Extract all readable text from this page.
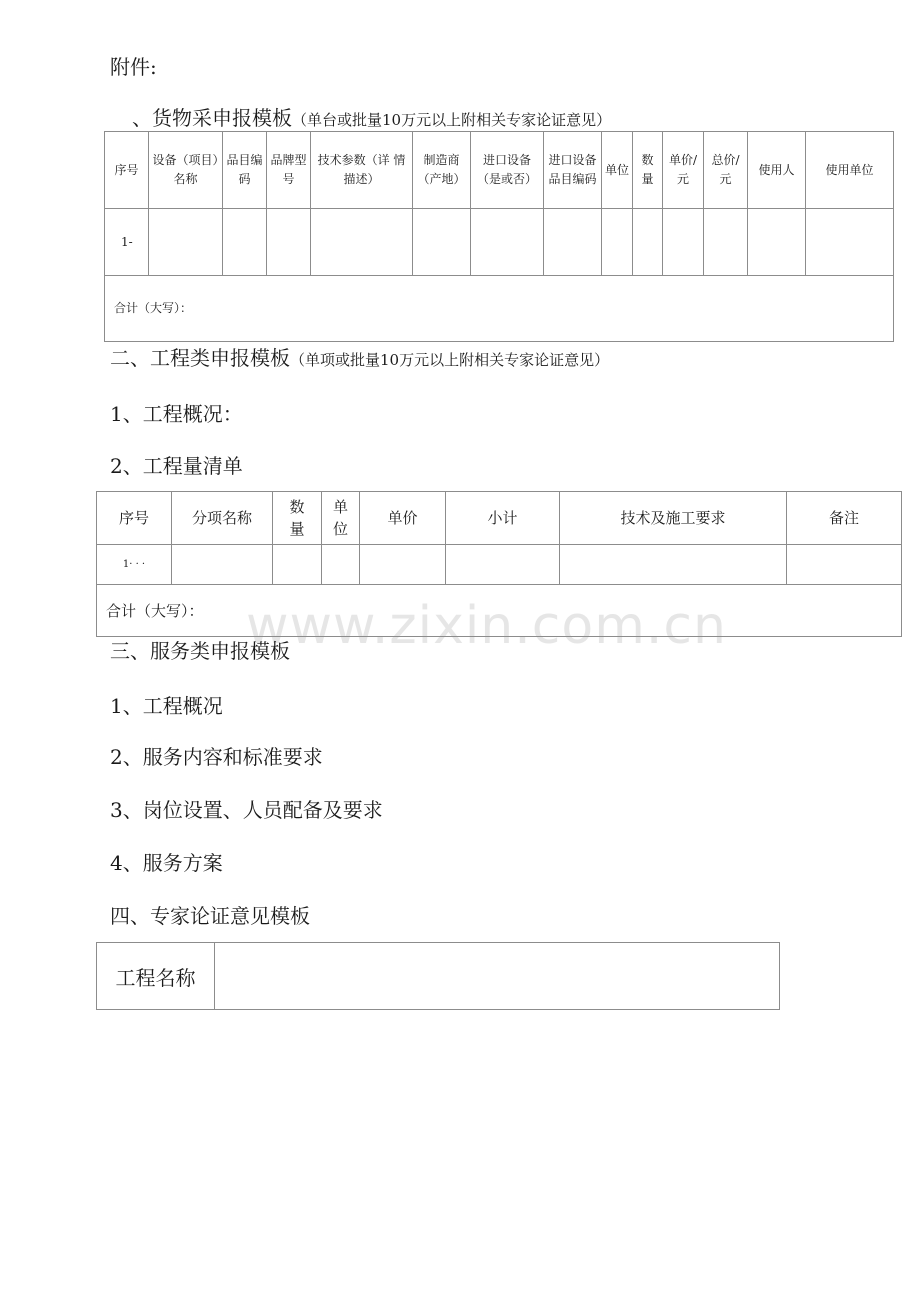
www.zixin.com.cn
附件:
、货物采申报模板（单台或批量10万元以上附相关专家论证意见）
序号	设备（项目）名称	品目编码	品牌型号	技术参数（详 情描述）	制造商（产地）	进口设备（是或否）	进口设备品目编码	单位	数量	单价/ 元	总价/元	使用人	使用单位

1-													

合计（大写）：													
二、工程类申报模板（单项或批量10万元以上附相关专家论证意见）
1、工程概况：
2、工程量清单
序号	分项名称	数量	单位	单价	小计	技术及施工要求	备注

1· · ·							

合计（大写）：							
三、服务类申报模板
1、工程概况
2、服务内容和标准要求
3、岗位设置、人员配备及要求
4、服务方案
四、专家论证意见模板
工程名称
